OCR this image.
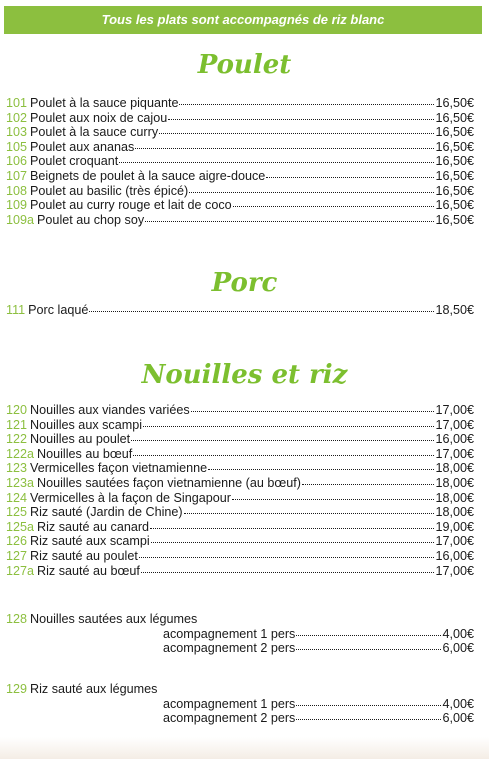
Tous les plats sont accompagnés de riz blanc
Poulet
101 Poulet à la sauce piquante	16,50€
102 Poulet aux noix de cajou	16,50€
103 Poulet à la sauce curry	16,50€
105 Poulet aux ananas	16,50€
106 Poulet croquant	16,50€
107 Beignets de poulet à la sauce aigre-douce	16,50€
108 Poulet au basilic (très épicé)	16,50€
109 Poulet au curry rouge et lait de coco	16,50€
109a Poulet au chop soy	16,50€
Porc
111 Porc laqué	18,50€
Nouilles et riz
120 Nouilles aux viandes variées	17,00€
121 Nouilles aux scampi	17,00€
122 Nouilles au poulet	16,00€
122a Nouilles au bœuf	17,00€
123 Vermicelles façon vietnamienne	18,00€
123a Nouilles sautées façon vietnamienne (au bœuf)	18,00€
124 Vermicelles à la façon de Singapour	18,00€
125 Riz sauté (Jardin de Chine)	18,00€
125a Riz sauté au canard	19,00€
126 Riz sauté aux scampi	17,00€
127 Riz sauté au poulet	16,00€
127a Riz sauté au bœuf	17,00€
128 Nouilles sautées aux légumes
acompagnement 1 pers	4,00€
acompagnement 2 pers	6,00€
129 Riz sauté aux légumes
acompagnement 1 pers	4,00€
acompagnement 2 pers	6,00€
